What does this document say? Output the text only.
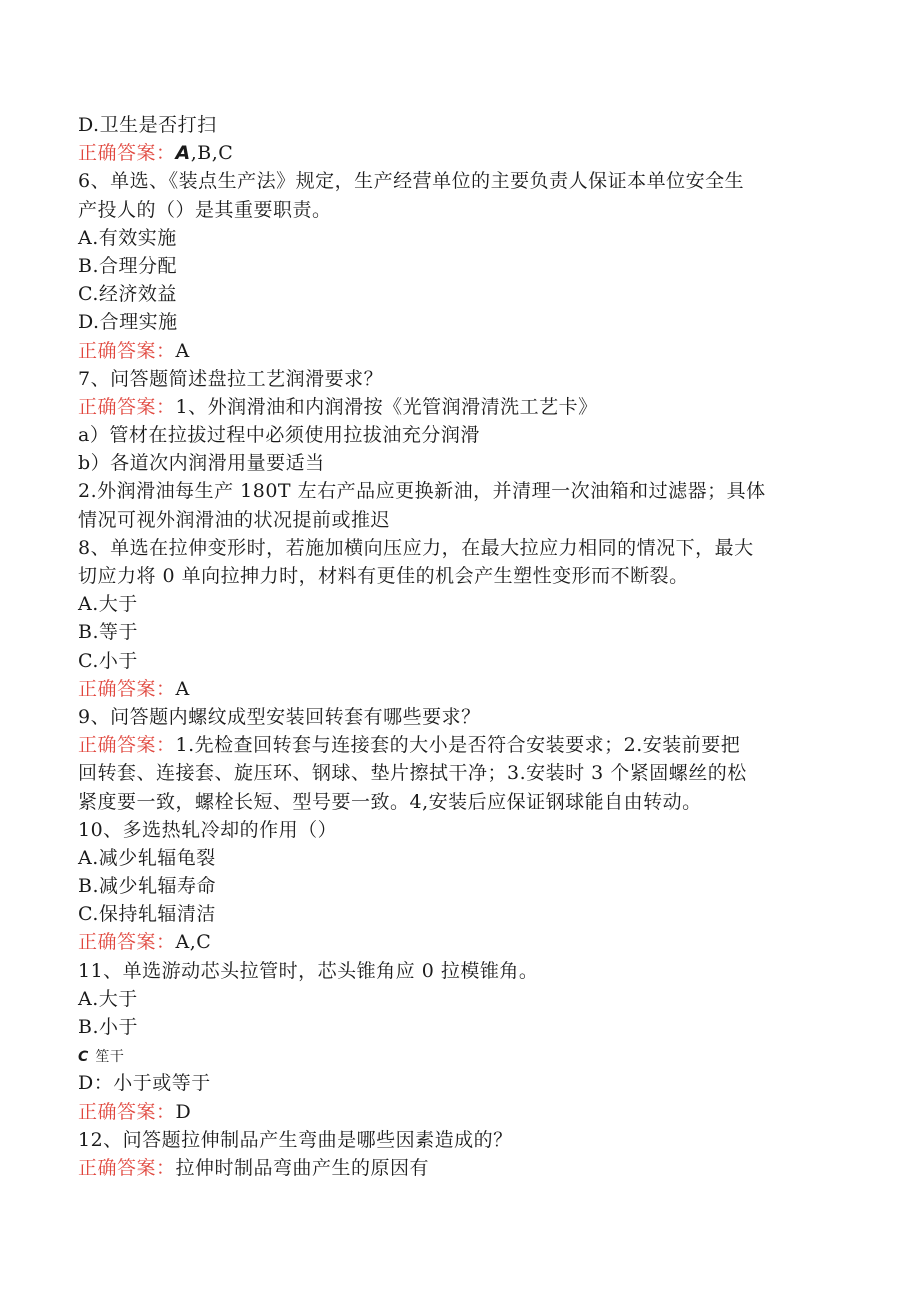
D.卫生是否打扫
正确答案：A,B,C
6、单选、《装点生产法》规定，生产经营单位的主要负责人保证本单位安全生
产投人的（）是其重要职责。
A.有效实施
B.合理分配
C.经济效益
D.合理实施
正确答案：A
7、问答题简述盘拉工艺润滑要求？
正确答案：1、外润滑油和内润滑按《光管润滑清洗工艺卡》
a）管材在拉拔过程中必须使用拉拔油充分润滑
b）各道次内润滑用量要适当
2.外润滑油每生产 180T 左右产品应更换新油，并清理一次油箱和过滤器；具体
情况可视外润滑油的状况提前或推迟
8、单选在拉伸变形时，若施加横向压应力，在最大拉应力相同的情况下，最大
切应力将 0 单向拉抻力时，材料有更佳的机会产生塑性变形而不断裂。
A.大于
B.等于
C.小于
正确答案：A
9、问答题内螺纹成型安装回转套有哪些要求？
正确答案：1.先检查回转套与连接套的大小是否符合安装要求；2.安装前要把
回转套、连接套、旋压环、钢球、垫片擦拭干净；3.安装时 3 个紧固螺丝的松
紧度要一致，螺栓长短、型号要一致。4,安装后应保证钢球能自由转动。
10、多选热轧冷却的作用（）
A.减少轧辐龟裂
B.减少轧辐寿命
C.保持轧辐清洁
正确答案：A,C
11、单选游动芯头拉管时，芯头锥角应 0 拉模锥角。
A.大于
B.小于
C 笙干
D：小于或等于
正确答案：D
12、问答题拉伸制品产生弯曲是哪些因素造成的？
正确答案：拉伸时制品弯曲产生的原因有
